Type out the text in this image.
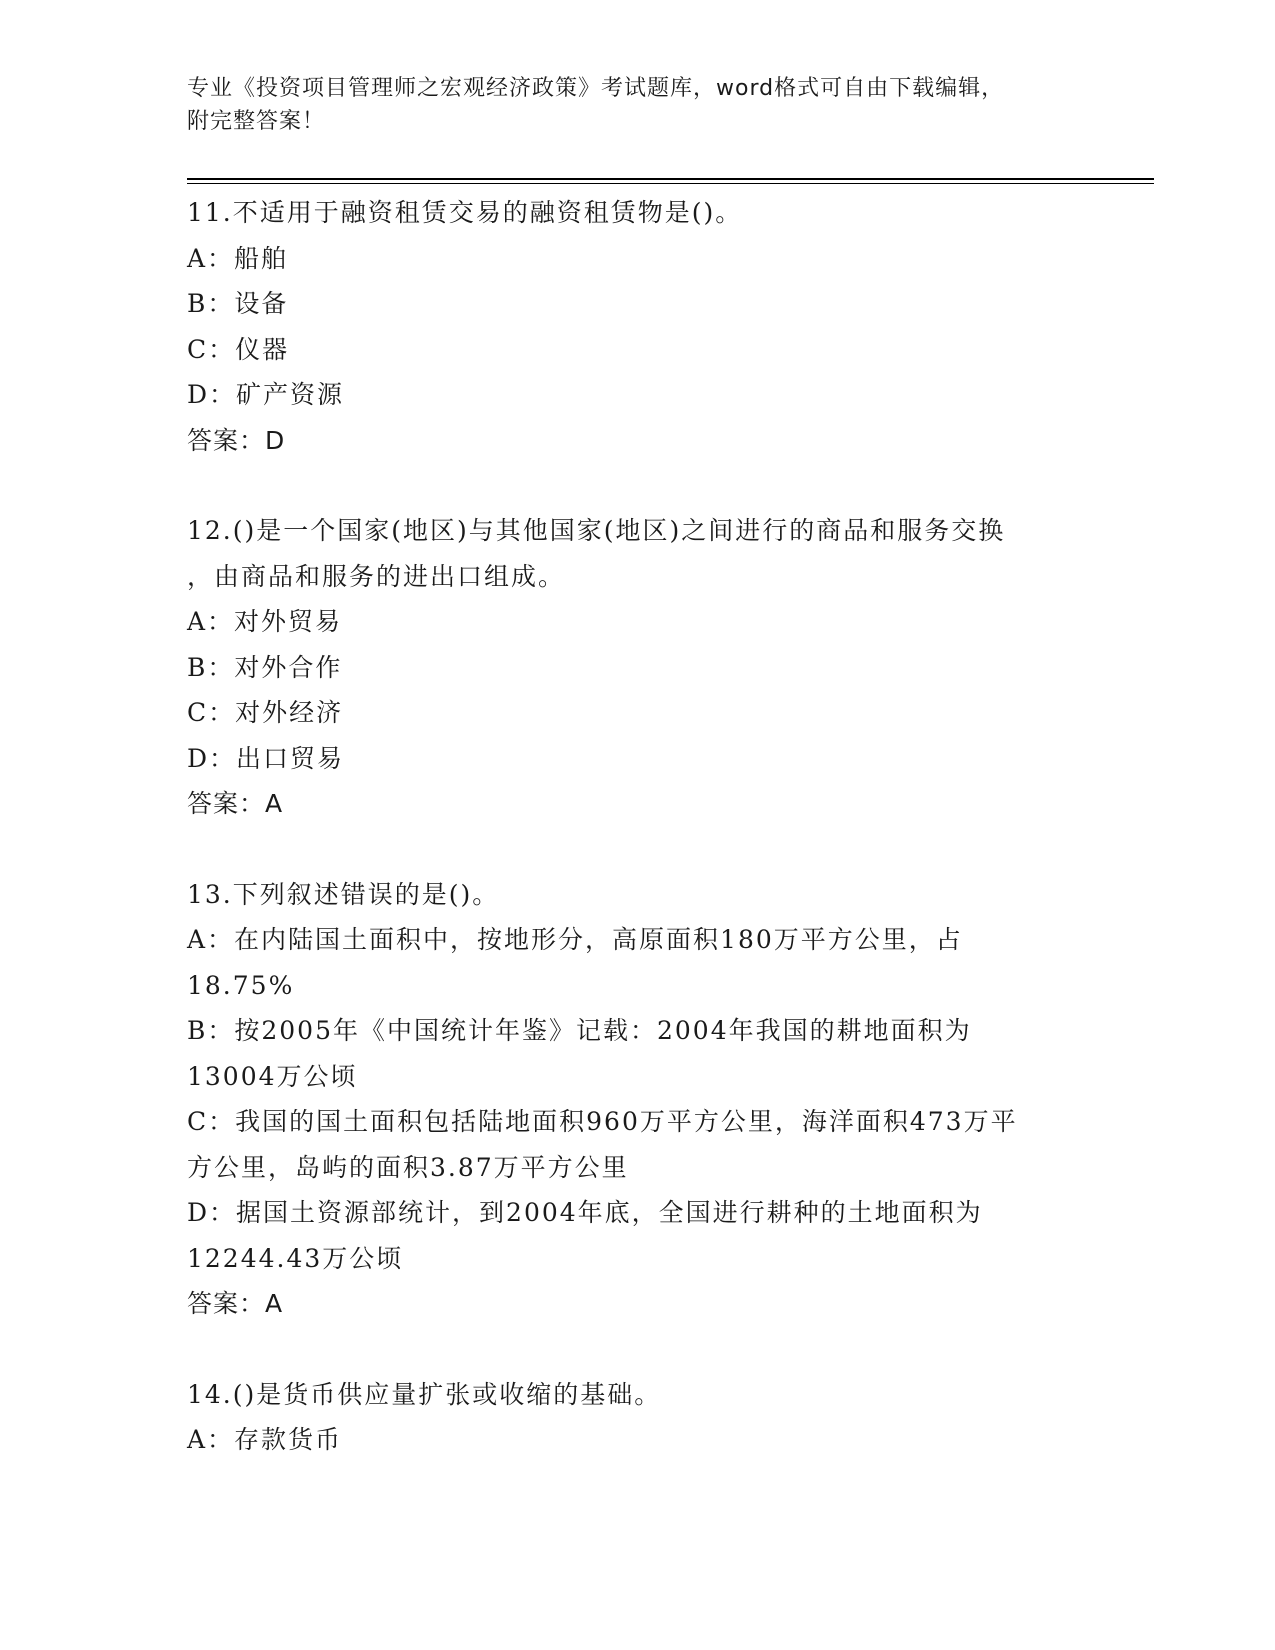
专业《投资项目管理师之宏观经济政策》考试题库，word格式可自由下载编辑，
附完整答案！
11.不适用于融资租赁交易的融资租赁物是()。
A：船舶
B：设备
C：仪器
D：矿产资源
答案：D
12.()是一个国家(地区)与其他国家(地区)之间进行的商品和服务交换
，由商品和服务的进出口组成。
A：对外贸易
B：对外合作
C：对外经济
D：出口贸易
答案：A
13.下列叙述错误的是()。
A：在内陆国土面积中，按地形分，高原面积180万平方公里，占
18.75%
B：按2005年《中国统计年鉴》记载：2004年我国的耕地面积为
13004万公顷
C：我国的国土面积包括陆地面积960万平方公里，海洋面积473万平
方公里，岛屿的面积3.87万平方公里
D：据国土资源部统计，到2004年底，全国进行耕种的土地面积为
12244.43万公顷
答案：A
14.()是货币供应量扩张或收缩的基础。
A：存款货币
